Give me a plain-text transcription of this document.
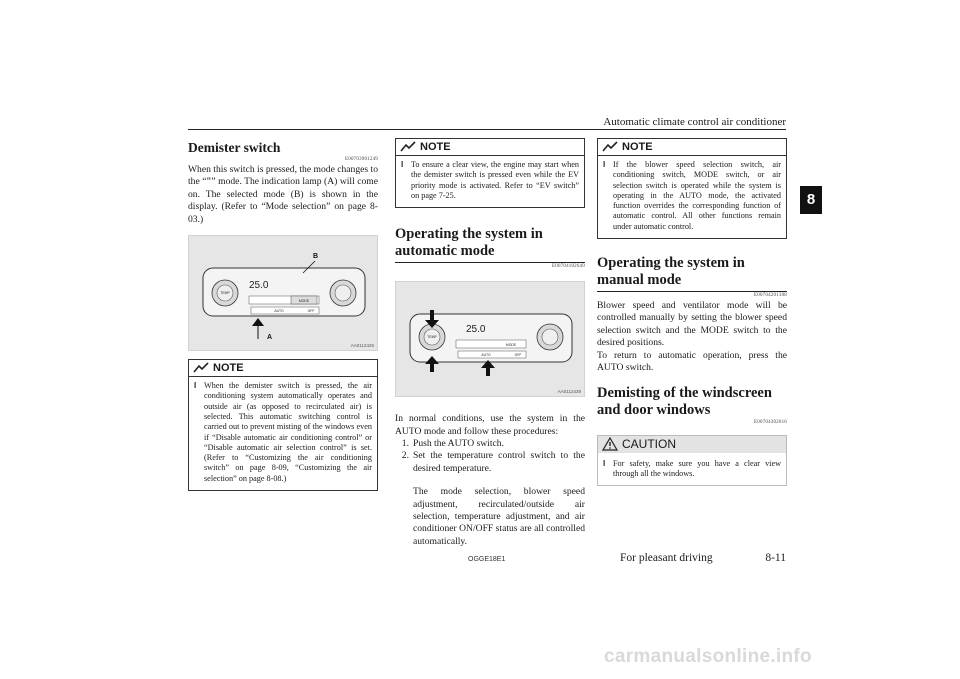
Automatic climate control air conditioner
8
Demister switch
E00703901249

When this switch is pressed, the mode changes to the “🙶” mode. The indication lamp (A) will come on. The selected mode (B) is shown in the display. (Refer to “Mode selection” on page 8-03.)

25.0
B
A
TEMP
MODE
AUTO	OFF
AA0112426
NOTE
l When the demister switch is pressed, the air conditioning system automatically operates and outside air (as opposed to recirculated air) is selected. This automatic switching control is carried out to prevent misting of the windows even if “Disable automatic air conditioning control” or “Disable automatic air selection control” is set. (Refer to “Customizing the air conditioning switch” on page 8-09, “Customizing the air selection” on page 8-08.)
NOTE
l To ensure a clear view, the engine may start when the demister switch is pressed even while the EV priority mode is activated. Refer to “EV switch” on page 7-25.
Operating the system in automatic mode
E00704102649
25.0
TEMP
MODE
AUTO	OFF
AA0112439

In normal conditions, use the system in the AUTO mode and follow these procedures:

1. Push the AUTO switch.
2. Set the temperature control switch to the desired temperature.

The mode selection, blower speed adjustment, recirculated/outside air selection, temperature adjustment, and air conditioner ON/OFF status are all controlled automatically.

NOTE
l If the blower speed selection switch, air conditioning switch, MODE switch, or air selection switch is operated while the system is operating in the AUTO mode, the activated function overrides the corresponding function of automatic control. All other functions remain under automatic control.
Operating the system in manual mode
E00704201308

Blower speed and ventilator mode will be controlled manually by setting the blower speed selection switch and the MODE switch to the desired positions.

To return to automatic operation, press the AUTO switch.

Demisting of the windscreen and door windows
E00704302016
CAUTION
l For safety, make sure you have a clear view through all the windows.
OGGE18E1	For pleasant driving	8-11
carmanualsonline.info
